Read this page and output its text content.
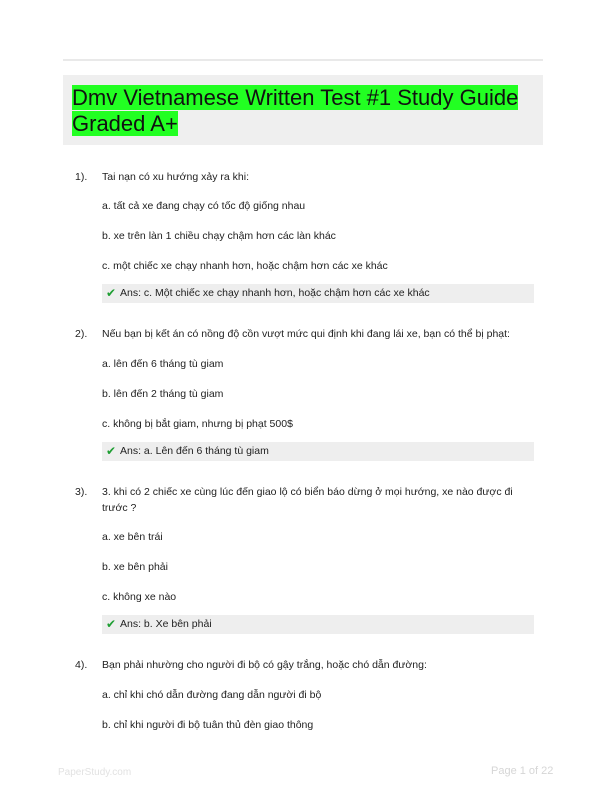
Dmv Vietnamese Written Test #1 Study Guide Graded A+
1).	Tai nạn có xu hướng xảy ra khi:
a. tất cả xe đang chạy có tốc độ giống nhau
b. xe trên làn 1 chiều chạy chậm hơn các làn khác
c. một chiếc xe chạy nhanh hơn, hoặc chậm hơn các xe khác
✔ Ans: c. Một chiếc xe chạy nhanh hơn, hoặc chậm hơn các xe khác
2).	Nếu bạn bị kết án có nồng độ cồn vượt mức qui định khi đang lái xe, bạn có thể bị phạt:
a. lên đến 6 tháng tù giam
b. lên đến 2 tháng tù giam
c. không bị bắt giam, nhưng bị phạt 500$
✔ Ans: a. Lên đến 6 tháng tù giam
3).	3. khi có 2 chiếc xe cùng lúc đến giao lộ có biển báo dừng ở mọi hướng, xe nào được đi trước ?
a. xe bên trái
b. xe bên phải
c. không xe nào
✔ Ans: b. Xe bên phải
4).	Bạn phải nhường cho người đi bộ có gậy trắng, hoặc chó dẫn đường:
a. chỉ khi chó dẫn đường đang dẫn người đi bộ
b. chỉ khi người đi bộ tuân thủ đèn giao thông
PaperStudy.com	Page 1 of 22
